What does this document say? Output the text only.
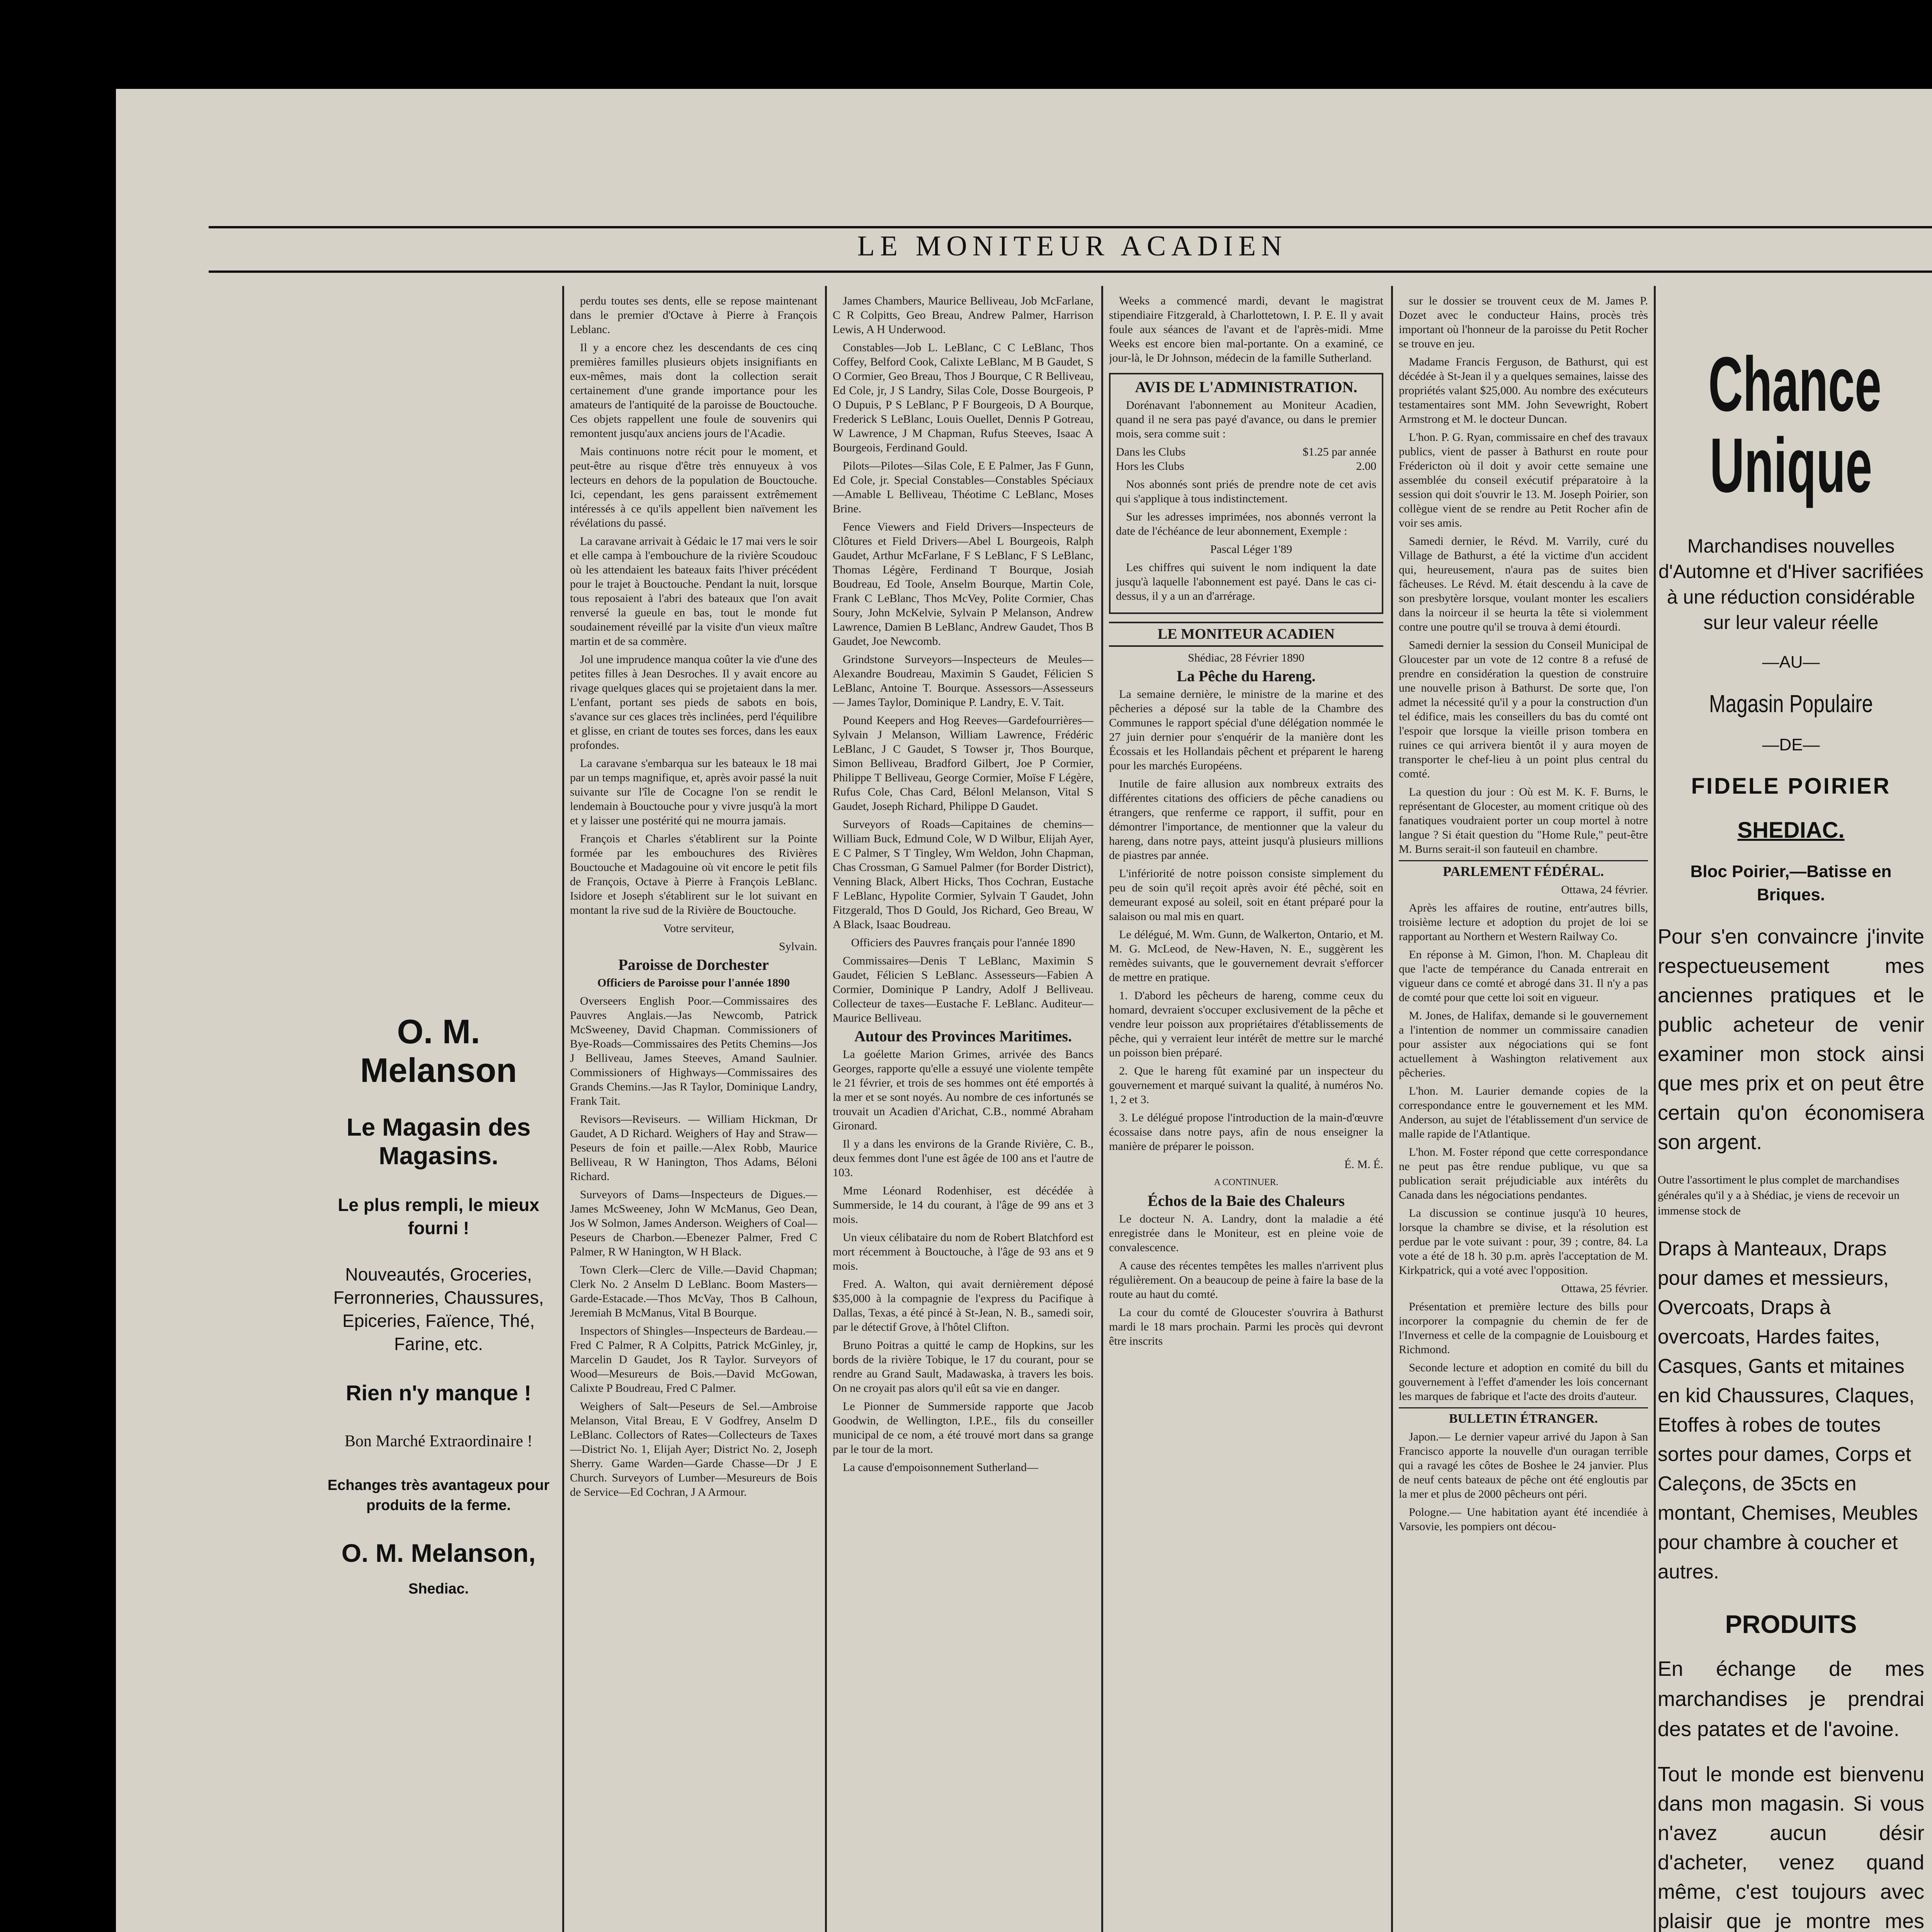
LE MONITEUR ACADIEN
O. M. Melanson
Le Magasin des Magasins.
Le plus rempli, le mieux fourni !
Nouveautés, Groceries, Ferronneries, Chaussures, Epiceries, Faïence, Thé, Farine, etc.
Rien n'y manque !
Bon Marché Extraordinaire !
Echanges très avantageux pour produits de la ferme.
O. M. Melanson,
Shediac.

perdu toutes ses dents, elle se repose maintenant dans le premier d'Octave à Pierre à François Leblanc.

Il y a encore chez les descendants de ces cinq premières familles plusieurs objets insignifiants en eux-mêmes, mais dont la collection serait certainement d'une grande importance pour les amateurs de l'antiquité de la paroisse de Bouctouche. Ces objets rappellent une foule de souvenirs qui remontent jusqu'aux anciens jours de l'Acadie.

Mais continuons notre récit pour le moment, et peut-être au risque d'être très ennuyeux à vos lecteurs en dehors de la population de Bouctouche. Ici, cependant, les gens paraissent extrêmement intéressés à ce qu'ils appellent bien naïvement les révélations du passé.

La caravane arrivait à Gédaic le 17 mai vers le soir et elle campa à l'embouchure de la rivière Scoudouc où les attendaient les bateaux faits l'hiver précédent pour le trajet à Bouctouche. Pendant la nuit, lorsque tous reposaient à l'abri des bateaux que l'on avait renversé la gueule en bas, tout le monde fut soudainement réveillé par la visite d'un vieux maître martin et de sa commère.

Jol une imprudence manqua coûter la vie d'une des petites filles à Jean Desroches. Il y avait encore au rivage quelques glaces qui se projetaient dans la mer. L'enfant, portant ses pieds de sabots en bois, s'avance sur ces glaces très inclinées, perd l'équilibre et glisse, en criant de toutes ses forces, dans les eaux profondes.

La caravane s'embarqua sur les bateaux le 18 mai par un temps magnifique, et, après avoir passé la nuit suivante sur l'île de Cocagne l'on se rendit le lendemain à Bouctouche pour y vivre jusqu'à la mort et y laisser une postérité qui ne mourra jamais.

François et Charles s'établirent sur la Pointe formée par les embouchures des Rivières Bouctouche et Madagouine où vit encore le petit fils de François, Octave à Pierre à François LeBlanc. Isidore et Joseph s'établirent sur le lot suivant en montant la rive sud de la Rivière de Bouctouche.

Votre serviteur,

Sylvain.

Paroisse de Dorchester

Officiers de Paroisse pour l'année 1890

Overseers English Poor.—Commissaires des Pauvres Anglais.—Jas Newcomb, Patrick McSweeney, David Chapman. Commissioners of Bye-Roads—Commissaires des Petits Chemins—Jos J Belliveau, James Steeves, Amand Saulnier. Commissioners of Highways—Commissaires des Grands Chemins.—Jas R Taylor, Dominique Landry, Frank Tait.

Revisors—Reviseurs. — William Hickman, Dr Gaudet, A D Richard. Weighers of Hay and Straw—Peseurs de foin et paille.—Alex Robb, Maurice Belliveau, R W Hanington, Thos Adams, Béloni Richard.

Surveyors of Dams—Inspecteurs de Digues.—James McSweeney, John W McManus, Geo Dean, Jos W Solmon, James Anderson. Weighers of Coal—Peseurs de Charbon.—Ebenezer Palmer, Fred C Palmer, R W Hanington, W H Black.

Town Clerk—Clerc de Ville.—David Chapman; Clerk No. 2 Anselm D LeBlanc. Boom Masters—Garde-Estacade.—Thos McVay, Thos B Calhoun, Jeremiah B McManus, Vital B Bourque.

Inspectors of Shingles—Inspecteurs de Bardeau.—Fred C Palmer, R A Colpitts, Patrick McGinley, jr, Marcelin D Gaudet, Jos R Taylor. Surveyors of Wood—Mesureurs de Bois.—David McGowan, Calixte P Boudreau, Fred C Palmer.

Weighers of Salt—Peseurs de Sel.—Ambroise Melanson, Vital Breau, E V Godfrey, Anselm D LeBlanc. Collectors of Rates—Collecteurs de Taxes—District No. 1, Elijah Ayer; District No. 2, Joseph Sherry. Game Warden—Garde Chasse—Dr J E Church. Surveyors of Lumber—Mesureurs de Bois de Service—Ed Cochran, J A Armour.

James Chambers, Maurice Belliveau, Job McFarlane, C R Colpitts, Geo Breau, Andrew Palmer, Harrison Lewis, A H Underwood.

Constables—Job L. LeBlanc, C C LeBlanc, Thos Coffey, Belford Cook, Calixte LeBlanc, M B Gaudet, S O Cormier, Geo Breau, Thos J Bourque, C R Belliveau, Ed Cole, jr, J S Landry, Silas Cole, Dosse Bourgeois, P O Dupuis, P S LeBlanc, P F Bourgeois, D A Bourque, Frederick S LeBlanc, Louis Ouellet, Dennis P Gotreau, W Lawrence, J M Chapman, Rufus Steeves, Isaac A Bourgeois, Ferdinand Gould.

Pilots—Pilotes—Silas Cole, E E Palmer, Jas F Gunn, Ed Cole, jr. Special Constables—Constables Spéciaux—Amable L Belliveau, Théotime C LeBlanc, Moses Brine.

Fence Viewers and Field Drivers—Inspecteurs de Clôtures et Field Drivers—Abel L Bourgeois, Ralph Gaudet, Arthur McFarlane, F S LeBlanc, F S LeBlanc, Thomas Légère, Ferdinand T Bourque, Josiah Boudreau, Ed Toole, Anselm Bourque, Martin Cole, Frank C LeBlanc, Thos McVey, Polite Cormier, Chas Soury, John McKelvie, Sylvain P Melanson, Andrew Lawrence, Damien B LeBlanc, Andrew Gaudet, Thos B Gaudet, Joe Newcomb.

Grindstone Surveyors—Inspecteurs de Meules—Alexandre Boudreau, Maximin S Gaudet, Félicien S LeBlanc, Antoine T. Bourque. Assessors—Assesseurs — James Taylor, Dominique P. Landry, E. V. Tait.

Pound Keepers and Hog Reeves—Gardefourrières—Sylvain J Melanson, William Lawrence, Frédéric LeBlanc, J C Gaudet, S Towser jr, Thos Bourque, Simon Belliveau, Bradford Gilbert, Joe P Cormier, Philippe T Belliveau, George Cormier, Moïse F Légère, Rufus Cole, Chas Card, Bélonl Melanson, Vital S Gaudet, Joseph Richard, Philippe D Gaudet.

Surveyors of Roads—Capitaines de chemins—William Buck, Edmund Cole, W D Wilbur, Elijah Ayer, E C Palmer, S T Tingley, Wm Weldon, John Chapman, Chas Crossman, G Samuel Palmer (for Border District), Venning Black, Albert Hicks, Thos Cochran, Eustache F LeBlanc, Hypolite Cormier, Sylvain T Gaudet, John Fitzgerald, Thos D Gould, Jos Richard, Geo Breau, W A Black, Isaac Boudreau.

Officiers des Pauvres français pour l'année 1890

Commissaires—Denis T LeBlanc, Maximin S Gaudet, Félicien S LeBlanc. Assesseurs—Fabien A Cormier, Dominique P Landry, Adolf J Belliveau. Collecteur de taxes—Eustache F. LeBlanc. Auditeur—Maurice Belliveau.

Autour des Provinces Maritimes.

La goélette Marion Grimes, arrivée des Bancs Georges, rapporte qu'elle a essuyé une violente tempête le 21 février, et trois de ses hommes ont été emportés à la mer et se sont noyés. Au nombre de ces infortunés se trouvait un Acadien d'Arichat, C.B., nommé Abraham Gironard.

Il y a dans les environs de la Grande Rivière, C. B., deux femmes dont l'une est âgée de 100 ans et l'autre de 103.

Mme Léonard Rodenhiser, est décédée à Summerside, le 14 du courant, à l'âge de 99 ans et 3 mois.

Un vieux célibataire du nom de Robert Blatchford est mort récemment à Bouctouche, à l'âge de 93 ans et 9 mois.

Fred. A. Walton, qui avait dernièrement déposé $35,000 à la compagnie de l'express du Pacifique à Dallas, Texas, a été pincé à St-Jean, N. B., samedi soir, par le détectif Grove, à l'hôtel Clifton.

Bruno Poitras a quitté le camp de Hopkins, sur les bords de la rivière Tobique, le 17 du courant, pour se rendre au Grand Sault, Madawaska, à travers les bois. On ne croyait pas alors qu'il eût sa vie en danger.

Le Pionner de Summerside rapporte que Jacob Goodwin, de Wellington, I.P.E., fils du conseiller municipal de ce nom, a été trouvé mort dans sa grange par le tour de la mort.

La cause d'empoisonnement Sutherland—

Weeks a commencé mardi, devant le magistrat stipendiaire Fitzgerald, à Charlottetown, I. P. E. Il y avait foule aux séances de l'avant et de l'après-midi. Mme Weeks est encore bien mal-portante. On a examiné, ce jour-là, le Dr Johnson, médecin de la famille Sutherland.

AVIS DE L'ADMINISTRATION.

Dorénavant l'abonnement au Moniteur Acadien, quand il ne sera pas payé d'avance, ou dans le premier mois, sera comme suit :

Dans les Clubs	$1.25 par année
Hors les Clubs	2.00

Nos abonnés sont priés de prendre note de cet avis qui s'applique à tous indistinctement.

Sur les adresses imprimées, nos abonnés verront la date de l'échéance de leur abonnement, Exemple :

Pascal Léger 1'89

Les chiffres qui suivent le nom indiquent la date jusqu'à laquelle l'abonnement est payé. Dans le cas ci-dessus, il y a un an d'arrérage.

LE MONITEUR ACADIEN

Shédiac, 28 Février 1890

La Pêche du Hareng.

La semaine dernière, le ministre de la marine et des pêcheries a déposé sur la table de la Chambre des Communes le rapport spécial d'une délégation nommée le 27 juin dernier pour s'enquérir de la manière dont les Écossais et les Hollandais pêchent et préparent le hareng pour les marchés Européens.

Inutile de faire allusion aux nombreux extraits des différentes citations des officiers de pêche canadiens ou étrangers, que renferme ce rapport, il suffit, pour en démontrer l'importance, de mentionner que la valeur du hareng, dans notre pays, atteint jusqu'à plusieurs millions de piastres par année.

L'infériorité de notre poisson consiste simplement du peu de soin qu'il reçoit après avoir été pêché, soit en demeurant exposé au soleil, soit en étant préparé pour la salaison ou mal mis en quart.

Le délégué, M. Wm. Gunn, de Walkerton, Ontario, et M. M. G. McLeod, de New-Haven, N. E., suggèrent les remèdes suivants, que le gouvernement devrait s'efforcer de mettre en pratique.

1. D'abord les pêcheurs de hareng, comme ceux du homard, devraient s'occuper exclusivement de la pêche et vendre leur poisson aux propriétaires d'établissements de pêche, qui y verraient leur intérêt de mettre sur le marché un poisson bien préparé.

2. Que le hareng fût examiné par un inspecteur du gouvernement et marqué suivant la qualité, à numéros No. 1, 2 et 3.

3. Le délégué propose l'introduction de la main-d'œuvre écossaise dans notre pays, afin de nous enseigner la manière de préparer le poisson.

É. M. É.

A CONTINUER.

Échos de la Baie des Chaleurs

Le docteur N. A. Landry, dont la maladie a été enregistrée dans le Moniteur, est en pleine voie de convalescence.

A cause des récentes tempêtes les malles n'arrivent plus régulièrement. On a beaucoup de peine à faire la base de la route au haut du comté.

La cour du comté de Gloucester s'ouvrira à Bathurst mardi le 18 mars prochain. Parmi les procès qui devront être inscrits

sur le dossier se trouvent ceux de M. James P. Dozet avec le conducteur Hains, procès très important où l'honneur de la paroisse du Petit Rocher se trouve en jeu.

Madame Francis Ferguson, de Bathurst, qui est décédée à St-Jean il y a quelques semaines, laisse des propriétés valant $25,000. Au nombre des exécuteurs testamentaires sont MM. John Sevewright, Robert Armstrong et M. le docteur Duncan.

L'hon. P. G. Ryan, commissaire en chef des travaux publics, vient de passer à Bathurst en route pour Frédericton où il doit y avoir cette semaine une assemblée du conseil exécutif préparatoire à la session qui doit s'ouvrir le 13. M. Joseph Poirier, son collègue vient de se rendre au Petit Rocher afin de voir ses amis.

Samedi dernier, le Révd. M. Varrily, curé du Village de Bathurst, a été la victime d'un accident qui, heureusement, n'aura pas de suites bien fâcheuses. Le Révd. M. était descendu à la cave de son presbytère lorsque, voulant monter les escaliers dans la noirceur il se heurta la tête si violemment contre une poutre qu'il se trouva à demi étourdi.

Samedi dernier la session du Conseil Municipal de Gloucester par un vote de 12 contre 8 a refusé de prendre en considération la question de construire une nouvelle prison à Bathurst. De sorte que, l'on admet la nécessité qu'il y a pour la construction d'un tel édifice, mais les conseillers du bas du comté ont l'espoir que lorsque la vieille prison tombera en ruines ce qui arrivera bientôt il y aura moyen de transporter le chef-lieu à un point plus central du comté.

La question du jour : Où est M. K. F. Burns, le représentant de Glocester, au moment critique où des fanatiques voudraient porter un coup mortel à notre langue ? Si était question du "Home Rule," peut-être M. Burns serait-il son fauteuil en chambre.

PARLEMENT FÉDÉRAL.

Ottawa, 24 février.

Après les affaires de routine, entr'autres bills, troisième lecture et adoption du projet de loi se rapportant au Northern et Western Railway Co.

En réponse à M. Gimon, l'hon. M. Chapleau dit que l'acte de tempérance du Canada entrerait en vigueur dans ce comté et abrogé dans 31. Il n'y a pas de comté pour que cette loi soit en vigueur.

M. Jones, de Halifax, demande si le gouvernement a l'intention de nommer un commissaire canadien pour assister aux négociations qui se font actuellement à Washington relativement aux pêcheries.

L'hon. M. Laurier demande copies de la correspondance entre le gouvernement et les MM. Anderson, au sujet de l'établissement d'un service de malle rapide de l'Atlantique.

L'hon. M. Foster répond que cette correspondance ne peut pas être rendue publique, vu que sa publication serait préjudiciable aux intérêts du Canada dans les négociations pendantes.

La discussion se continue jusqu'à 10 heures, lorsque la chambre se divise, et la résolution est perdue par le vote suivant : pour, 39 ; contre, 84. La vote a été de 18 h. 30 p.m. après l'acceptation de M. Kirkpatrick, qui a voté avec l'opposition.

Ottawa, 25 février.

Présentation et première lecture des bills pour incorporer la compagnie du chemin de fer de l'Inverness et celle de la compagnie de Louisbourg et Richmond.

Seconde lecture et adoption en comité du bill du gouvernement à l'effet d'amender les lois concernant les marques de fabrique et l'acte des droits d'auteur.

BULLETIN ÉTRANGER.

Japon.— Le dernier vapeur arrivé du Japon à San Francisco apporte la nouvelle d'un ouragan terrible qui a ravagé les côtes de Boshee le 24 janvier. Plus de neuf cents bateaux de pêche ont été engloutis par la mer et plus de 2000 pêcheurs ont péri.

Pologne.— Une habitation ayant été incendiée à Varsovie, les pompiers ont décou-

Chance
Unique
Marchandises nouvelles d'Automne et d'Hiver sacrifiées à une réduction considérable sur leur valeur réelle
—AU—
Magasin Populaire
—DE—
FIDELE POIRIER
SHEDIAC.
Bloc Poirier,—Batisse en Briques.
Pour s'en convaincre j'invite respectueusement mes anciennes pratiques et le public acheteur de venir examiner mon stock ainsi que mes prix et on peut être certain qu'on économisera son argent.
Outre l'assortiment le plus complet de marchandises générales qu'il y a à Shédiac, je viens de recevoir un immense stock de
Draps à Manteaux, Draps pour dames et messieurs, Overcoats, Draps à overcoats, Hardes faites, Casques, Gants et mitaines en kid Chaussures, Claques, Etoffes à robes de toutes sortes pour dames, Corps et Caleçons, de 35cts en montant, Chemises, Meubles pour chambre à coucher et autres.
PRODUITS
En échange de mes marchandises je prendrai des patates et de l'avoine.
Tout le monde est bienvenu dans mon magasin. Si vous n'avez aucun désir d'acheter, venez quand même, c'est toujours avec plaisir que je montre mes
